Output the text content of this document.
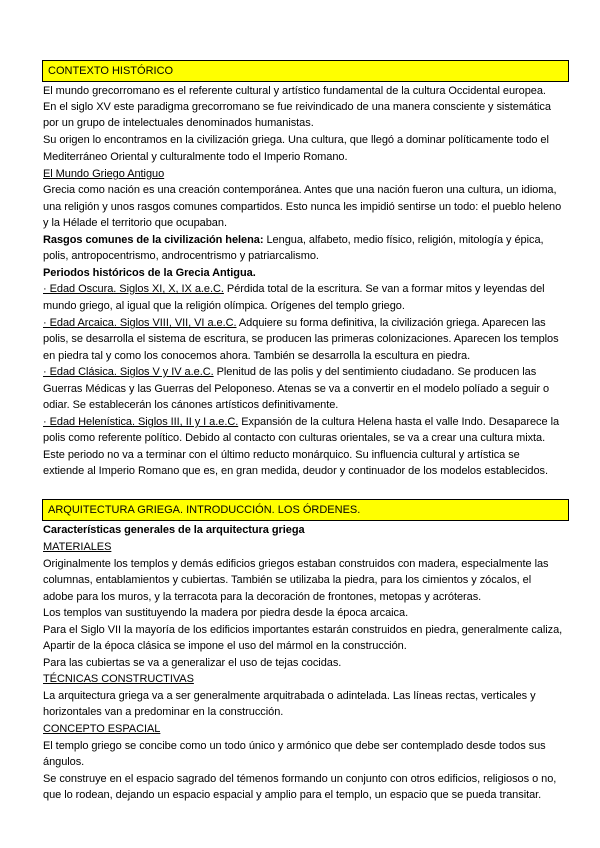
CONTEXTO HISTÓRICO
El mundo grecorromano es el referente cultural y artístico fundamental de la cultura Occidental europea.
En el siglo XV este paradigma grecorromano se fue reivindicado de una manera consciente y sistemática
por un grupo de intelectuales denominados humanistas.
Su origen lo encontramos en la civilización griega. Una cultura, que llegó a dominar políticamente todo el
Mediterráneo Oriental y culturalmente todo el Imperio Romano.
El Mundo Griego Antiguo
Grecia como nación es una creación contemporánea. Antes que una nación fueron una cultura, un idioma,
una religión y unos rasgos comunes compartidos. Esto nunca les impidió sentirse un todo: el pueblo heleno
y la Hélade el territorio que ocupaban.
Rasgos comunes de la civilización helena: Lengua, alfabeto, medio físico, religión, mitología y épica,
polis, antropocentrismo, androcentrismo y patriarcalismo.
Periodos históricos de la Grecia Antigua.
· Edad Oscura. Siglos XI, X, IX a.e.C. Pérdida total de la escritura. Se van a formar mitos y leyendas del
mundo griego, al igual que la religión olímpica. Orígenes del templo griego.
· Edad Arcaica. Siglos VIII, VII, VI a.e.C. Adquiere su forma definitiva, la civilización griega. Aparecen las
polis, se desarrolla el sistema de escritura, se producen las primeras colonizaciones. Aparecen los templos
en piedra tal y como los conocemos ahora. También se desarrolla la escultura en piedra.
· Edad Clásica. Siglos V y IV a.e.C. Plenitud de las polis y del sentimiento ciudadano. Se producen las
Guerras Médicas y las Guerras del Peloponeso. Atenas se va a convertir en el modelo políado a seguir o
odiar. Se establecerán los cánones artísticos definitivamente.
· Edad Helenística. Siglos III, II y I a.e.C. Expansión de la cultura Helena hasta el valle Indo. Desaparece la
polis como referente político. Debido al contacto con culturas orientales, se va a crear una cultura mixta.
Este periodo no va a terminar con el último reducto monárquico. Su influencia cultural y artística se
extiende al Imperio Romano que es, en gran medida, deudor y continuador de los modelos establecidos.
ARQUITECTURA GRIEGA. INTRODUCCIÓN. LOS ÓRDENES.
Características generales de la arquitectura griega
MATERIALES
Originalmente los templos y demás edificios griegos estaban construidos con madera, especialmente las
columnas, entablamientos y cubiertas. También se utilizaba la piedra, para los cimientos y zócalos, el
adobe para los muros, y la terracota para la decoración de frontones, metopas y acróteras.
Los templos van sustituyendo la madera por piedra desde la época arcaica.
Para el Siglo VII la mayoría de los edificios importantes estarán construidos en piedra, generalmente caliza,
Apartir de la época clásica se impone el uso del mármol en la construcción.
Para las cubiertas se va a generalizar el uso de tejas cocidas.
TÉCNICAS CONSTRUCTIVAS
La arquitectura griega va a ser generalmente arquitrabada o adintelada. Las líneas rectas, verticales y
horizontales van a predominar en la construcción.
CONCEPTO ESPACIAL
El templo griego se concibe como un todo único y armónico que debe ser contemplado desde todos sus
ángulos.
Se construye en el espacio sagrado del témenos formando un conjunto con otros edificios, religiosos o no,
que lo rodean, dejando un espacio espacial y amplio para el templo, un espacio que se pueda transitar.
